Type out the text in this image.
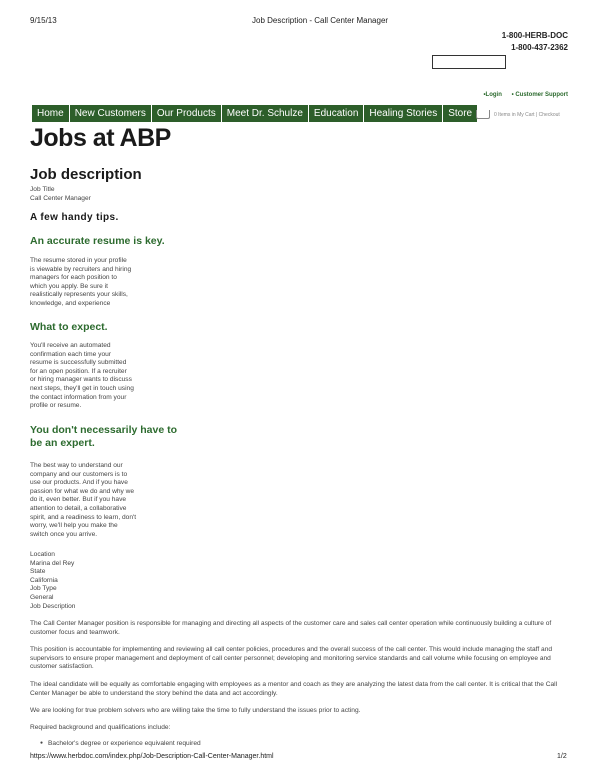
9/15/13	Job Description - Call Center Manager
1-800-HERB-DOC
1-800-437-2362
•Login • Customer Support
Home	New Customers	Our Products	Meet Dr. Schulze	Education	Healing Stories	Store	0 Items in My Cart | Checkout
Jobs at ABP
Job description
Job Title
Call Center Manager
A few handy tips.
An accurate resume is key.
The resume stored in your profile
is viewable by recruiters and hiring
managers for each position to
which you apply. Be sure it
realistically represents your skills,
knowledge, and experience
What to expect.
You'll receive an automated
confirmation each time your
resume is successfully submitted
for an open position. If a recruiter
or hiring manager wants to discuss
next steps, they'll get in touch using
the contact information from your
profile or resume.
You don't necessarily have to
be an expert.
The best way to understand our
company and our customers is to
use our products. And if you have
passion for what we do and why we
do it, even better. But if you have
attention to detail, a collaborative
spirit, and a readiness to learn, don't
worry, we'll help you make the
switch once you arrive.
Location
Marina del Rey
State
California
Job Type
General
Job Description
The Call Center Manager position is responsible for managing and directing all aspects of the customer care and sales call center operation while continuously building a culture of customer focus and teamwork.
This position is accountable for implementing and reviewing all call center policies, procedures and the overall success of the call center. This would include managing the staff and supervisors to ensure proper management and deployment of call center personnel; developing and monitoring service standards and call volume while focusing on employee and customer satisfaction.
The ideal candidate will be equally as comfortable engaging with employees as a mentor and coach as they are analyzing the latest data from the call center. It is critical that the Call Center Manager be able to understand the story behind the data and act accordingly.
We are looking for true problem solvers who are willing take the time to fully understand the issues prior to acting.
Required background and qualifications include:
● Bachelor's degree or experience equivalent required
https://www.herbdoc.com/index.php/Job-Description-Call-Center-Manager.html	1/2
